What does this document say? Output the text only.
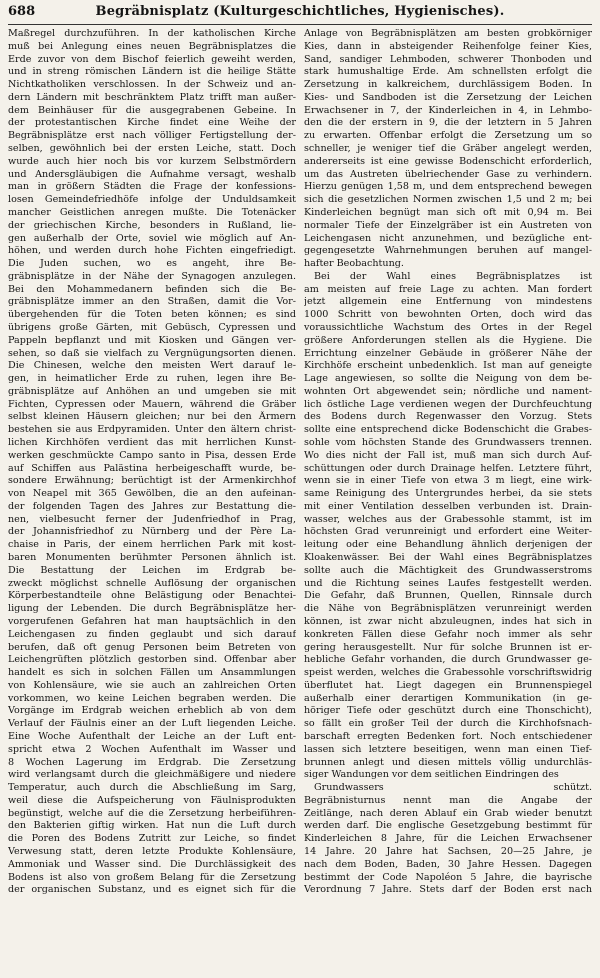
688	Begräbnisplatz (Kulturgeschichtliches, Hygienisches).
Maßregel durchzuführen. In der katholischen Kirche
muß bei Anlegung eines neuen Begräbnisplatzes die
Erde zuvor von dem Bischof feierlich geweiht werden,
und in streng römischen Ländern ist die heilige Stätte
Nichtkatholiken verschlossen. In der Schweiz und an-
dern Ländern mit beschränktem Platz trifft man außer-
dem Beinhäuser für die ausgegrabenen Gebeine. In
der protestantischen Kirche findet eine Weihe der
Begräbnisplätze erst nach völliger Fertigstellung der-
selben, gewöhnlich bei der ersten Leiche, statt. Doch
wurde auch hier noch bis vor kurzem Selbstmördern
und Andersgläubigen die Aufnahme versagt, weshalb
man in größern Städten die Frage der konfessions-
losen Gemeindefriedhöfe infolge der Unduldsamkeit
mancher Geistlichen anregen mußte. Die Totenäcker
der griechischen Kirche, besonders in Rußland, lie-
gen außerhalb der Orte, soviel wie möglich auf An-
höhen, und werden durch hohe Fichten eingefriedigt.
Die Juden suchen, wo es angeht, ihre Be-
gräbnisplätze in der Nähe der Synagogen anzulegen.
Bei den Mohammedanern befinden sich die Be-
gräbnisplätze immer an den Straßen, damit die Vor-
übergehenden für die Toten beten können; es sind
übrigens große Gärten, mit Gebüsch, Cypressen und
Pappeln bepflanzt und mit Kiosken und Gängen ver-
sehen, so daß sie vielfach zu Vergnügungsorten dienen.
Die Chinesen, welche den meisten Wert darauf le-
gen, in heimatlicher Erde zu ruhen, legen ihre Be-
gräbnisplätze auf Anhöhen an und umgeben sie mit
Fichten, Cypressen oder Mauern, während die Gräber
selbst kleinen Häusern gleichen; nur bei den Ärmern
bestehen sie aus Erdpyramiden. Unter den ältern christ-
lichen Kirchhöfen verdient das mit herrlichen Kunst-
werken geschmückte Campo santo in Pisa, dessen Erde
auf Schiffen aus Palästina herbeigeschafft wurde, be-
sondere Erwähnung; berüchtigt ist der Armenkirchhof
von Neapel mit 365 Gewölben, die an den aufeinan-
der folgenden Tagen des Jahres zur Bestattung die-
nen, vielbesucht ferner der Judenfriedhof in Prag,
der Johannisfriedhof zu Nürnberg und der Père La-
chaise in Paris, der einem herrlichen Park mit kost-
baren Monumenten berühmter Personen ähnlich ist.
Die Bestattung der Leichen im Erdgrab be-
zweckt möglichst schnelle Auflösung der organischen
Körperbestandteile ohne Belästigung oder Benachtei-
ligung der Lebenden. Die durch Begräbnisplätze her-
vorgerufenen Gefahren hat man hauptsächlich in den
Leichengasen zu finden geglaubt und sich darauf
berufen, daß oft genug Personen beim Betreten von
Leichengrüften plötzlich gestorben sind. Offenbar aber
handelt es sich in solchen Fällen um Ansammlungen
von Kohlensäure, wie sie auch an zahlreichen Orten
vorkommen, wo keine Leichen begraben werden. Die
Vorgänge im Erdgrab weichen erheblich ab von dem
Verlauf der Fäulnis einer an der Luft liegenden Leiche.
Eine Woche Aufenthalt der Leiche an der Luft ent-
spricht etwa 2 Wochen Aufenthalt im Wasser und
8 Wochen Lagerung im Erdgrab. Die Zersetzung
wird verlangsamt durch die gleichmäßigere und niedere
Temperatur, auch durch die Abschließung im Sarg,
weil diese die Aufspeicherung von Fäulnisprodukten
begünstigt, welche auf die die Zersetzung herbeiführen-
den Bakterien giftig wirken. Hat nun die Luft durch
die Poren des Bodens Zutritt zur Leiche, so findet
Verwesung statt, deren letzte Produkte Kohlensäure,
Ammoniak und Wasser sind. Die Durchlässigkeit des
Bodens ist also von großem Belang für die Zersetzung
der organischen Substanz, und es eignet sich für die
Anlage von Begräbnisplätzen am besten grobkörniger
Kies, dann in absteigender Reihenfolge feiner Kies,
Sand, sandiger Lehmboden, schwerer Thonboden und
stark humushaltige Erde. Am schnellsten erfolgt die
Zersetzung in kalkreichem, durchlässigem Boden. In
Kies- und Sandboden ist die Zersetzung der Leichen
Erwachsener in 7, der Kinderleichen in 4, in Lehmbo-
den die der erstern in 9, die der letztern in 5 Jahren
zu erwarten. Offenbar erfolgt die Zersetzung um so
schneller, je weniger tief die Gräber angelegt werden,
andererseits ist eine gewisse Bodenschicht erforderlich,
um das Austreten übelriechender Gase zu verhindern.
Hierzu genügen 1,58 m, und dem entsprechend bewegen
sich die gesetzlichen Normen zwischen 1,5 und 2 m; bei
Kinderleichen begnügt man sich oft mit 0,94 m. Bei
normaler Tiefe der Einzelgräber ist ein Austreten von
Leichengasen nicht anzunehmen, und bezügliche ent-
gegengesetzte Wahrnehmungen beruhen auf mangel-
hafter Beobachtung.
Bei der Wahl eines Begräbnisplatzes ist
am meisten auf freie Lage zu achten. Man fordert
jetzt allgemein eine Entfernung von mindestens
1000 Schritt von bewohnten Orten, doch wird das
voraussichtliche Wachstum des Ortes in der Regel
größere Anforderungen stellen als die Hygiene. Die
Errichtung einzelner Gebäude in größerer Nähe der
Kirchhöfe erscheint unbedenklich. Ist man auf geneigte
Lage angewiesen, so sollte die Neigung von dem be-
wohnten Ort abgewendet sein; nördliche und nament-
lich östliche Lage verdienen wegen der Durchfeuchtung
des Bodens durch Regenwasser den Vorzug. Stets
sollte eine entsprechend dicke Bodenschicht die Grabes-
sohle vom höchsten Stande des Grundwassers trennen.
Wo dies nicht der Fall ist, muß man sich durch Auf-
schüttungen oder durch Drainage helfen. Letztere führt,
wenn sie in einer Tiefe von etwa 3 m liegt, eine wirk-
same Reinigung des Untergrundes herbei, da sie stets
mit einer Ventilation desselben verbunden ist. Drain-
wasser, welches aus der Grabessohle stammt, ist im
höchsten Grad verunreinigt und erfordert eine Weiter-
leitung oder eine Behandlung ähnlich derjenigen der
Kloakenwässer. Bei der Wahl eines Begräbnisplatzes
sollte auch die Mächtigkeit des Grundwasserstroms
und die Richtung seines Laufes festgestellt werden.
Die Gefahr, daß Brunnen, Quellen, Rinnsale durch
die Nähe von Begräbnisplätzen verunreinigt werden
können, ist zwar nicht abzuleugnen, indes hat sich in
konkreten Fällen diese Gefahr noch immer als sehr
gering herausgestellt. Nur für solche Brunnen ist er-
hebliche Gefahr vorhanden, die durch Grundwasser ge-
speist werden, welches die Grabessohle vorschriftswidrig
überflutet hat. Liegt dagegen ein Brunnenspiegel
außerhalb einer derartigen Kommunikation (in ge-
höriger Tiefe oder geschützt durch eine Thonschicht),
so fällt ein großer Teil der durch die Kirchhofsnach-
barschaft erregten Bedenken fort. Noch entschiedener
lassen sich letztere beseitigen, wenn man einen Tief-
brunnen anlegt und diesen mittels völlig undurchläs-
siger Wandungen vor dem seitlichen Eindringen des
Grundwassers schützt.
Begräbnisturnus nennt man die Angabe der
Zeitlänge, nach deren Ablauf ein Grab wieder benutzt
werden darf. Die englische Gesetzgebung bestimmt für
Kinderleichen 8 Jahre, für die Leichen Erwachsener
14 Jahre. 20 Jahre hat Sachsen, 20—25 Jahre, je
nach dem Boden, Baden, 30 Jahre Hessen. Dagegen
bestimmt der Code Napoléon 5 Jahre, die bayrische
Verordnung 7 Jahre. Stets darf der Boden erst nach
